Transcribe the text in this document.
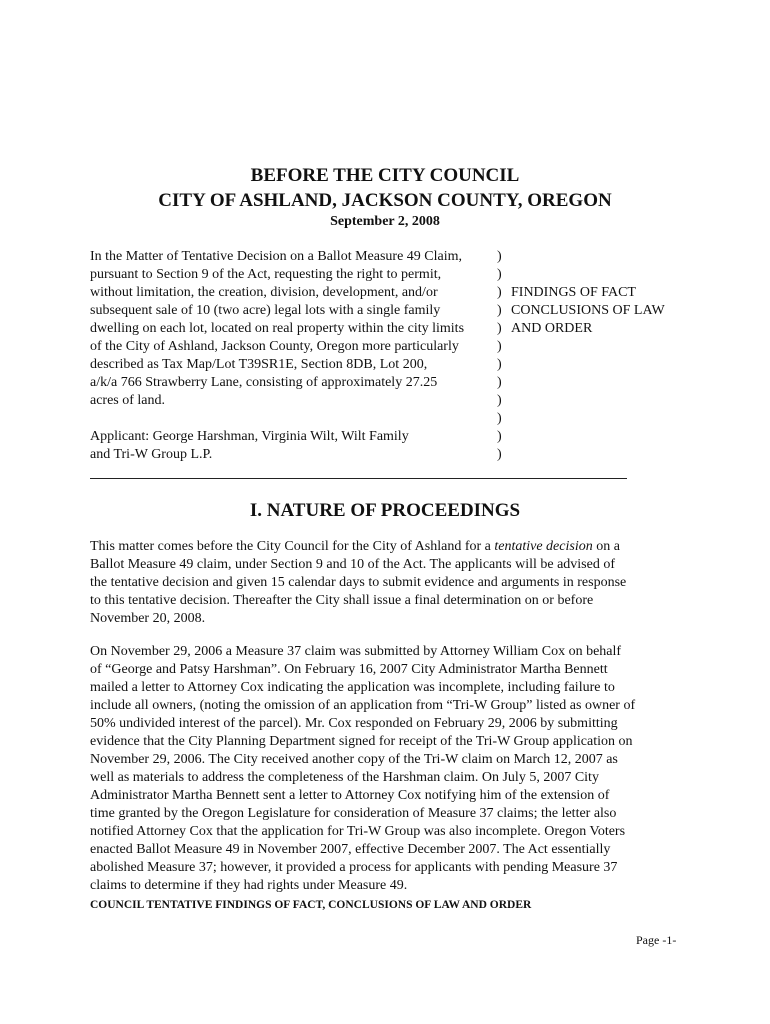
BEFORE THE CITY COUNCIL
CITY OF ASHLAND, JACKSON COUNTY, OREGON
September 2, 2008
In the Matter of Tentative Decision on a Ballot Measure 49 Claim,
pursuant to Section 9 of the Act, requesting the right to permit,
without limitation, the creation, division, development, and/or
subsequent sale of 10 (two acre) legal lots with a single family
dwelling on each lot, located on real property within the city limits
of the City of Ashland, Jackson County, Oregon more particularly
described as Tax Map/Lot T39SR1E, Section 8DB, Lot 200,
a/k/a 766 Strawberry Lane, consisting of approximately 27.25
acres of land.
Applicant: George Harshman, Virginia Wilt, Wilt Family
and Tri-W Group L.P.
)
)
)
)
)
)
)
)
)
)
)
)
FINDINGS OF FACT
CONCLUSIONS OF LAW
AND ORDER
I. NATURE OF PROCEEDINGS
This matter comes before the City Council for the City of Ashland for a tentative decision on a
Ballot Measure 49 claim, under Section 9 and 10 of the Act. The applicants will be advised of
the tentative decision and given 15 calendar days to submit evidence and arguments in response
to this tentative decision. Thereafter the City shall issue a final determination on or before
November 20, 2008.
On November 29, 2006 a Measure 37 claim was submitted by Attorney William Cox on behalf
of “George and Patsy Harshman”. On February 16, 2007 City Administrator Martha Bennett
mailed a letter to Attorney Cox indicating the application was incomplete, including failure to
include all owners, (noting the omission of an application from “Tri-W Group” listed as owner of
50% undivided interest of the parcel). Mr. Cox responded on February 29, 2006 by submitting
evidence that the City Planning Department signed for receipt of the Tri-W Group application on
November 29, 2006. The City received another copy of the Tri-W claim on March 12, 2007 as
well as materials to address the completeness of the Harshman claim. On July 5, 2007 City
Administrator Martha Bennett sent a letter to Attorney Cox notifying him of the extension of
time granted by the Oregon Legislature for consideration of Measure 37 claims; the letter also
notified Attorney Cox that the application for Tri-W Group was also incomplete. Oregon Voters
enacted Ballot Measure 49 in November 2007, effective December 2007. The Act essentially
abolished Measure 37; however, it provided a process for applicants with pending Measure 37
claims to determine if they had rights under Measure 49.
COUNCIL TENTATIVE FINDINGS OF FACT, CONCLUSIONS OF LAW AND ORDER
Page -1-
